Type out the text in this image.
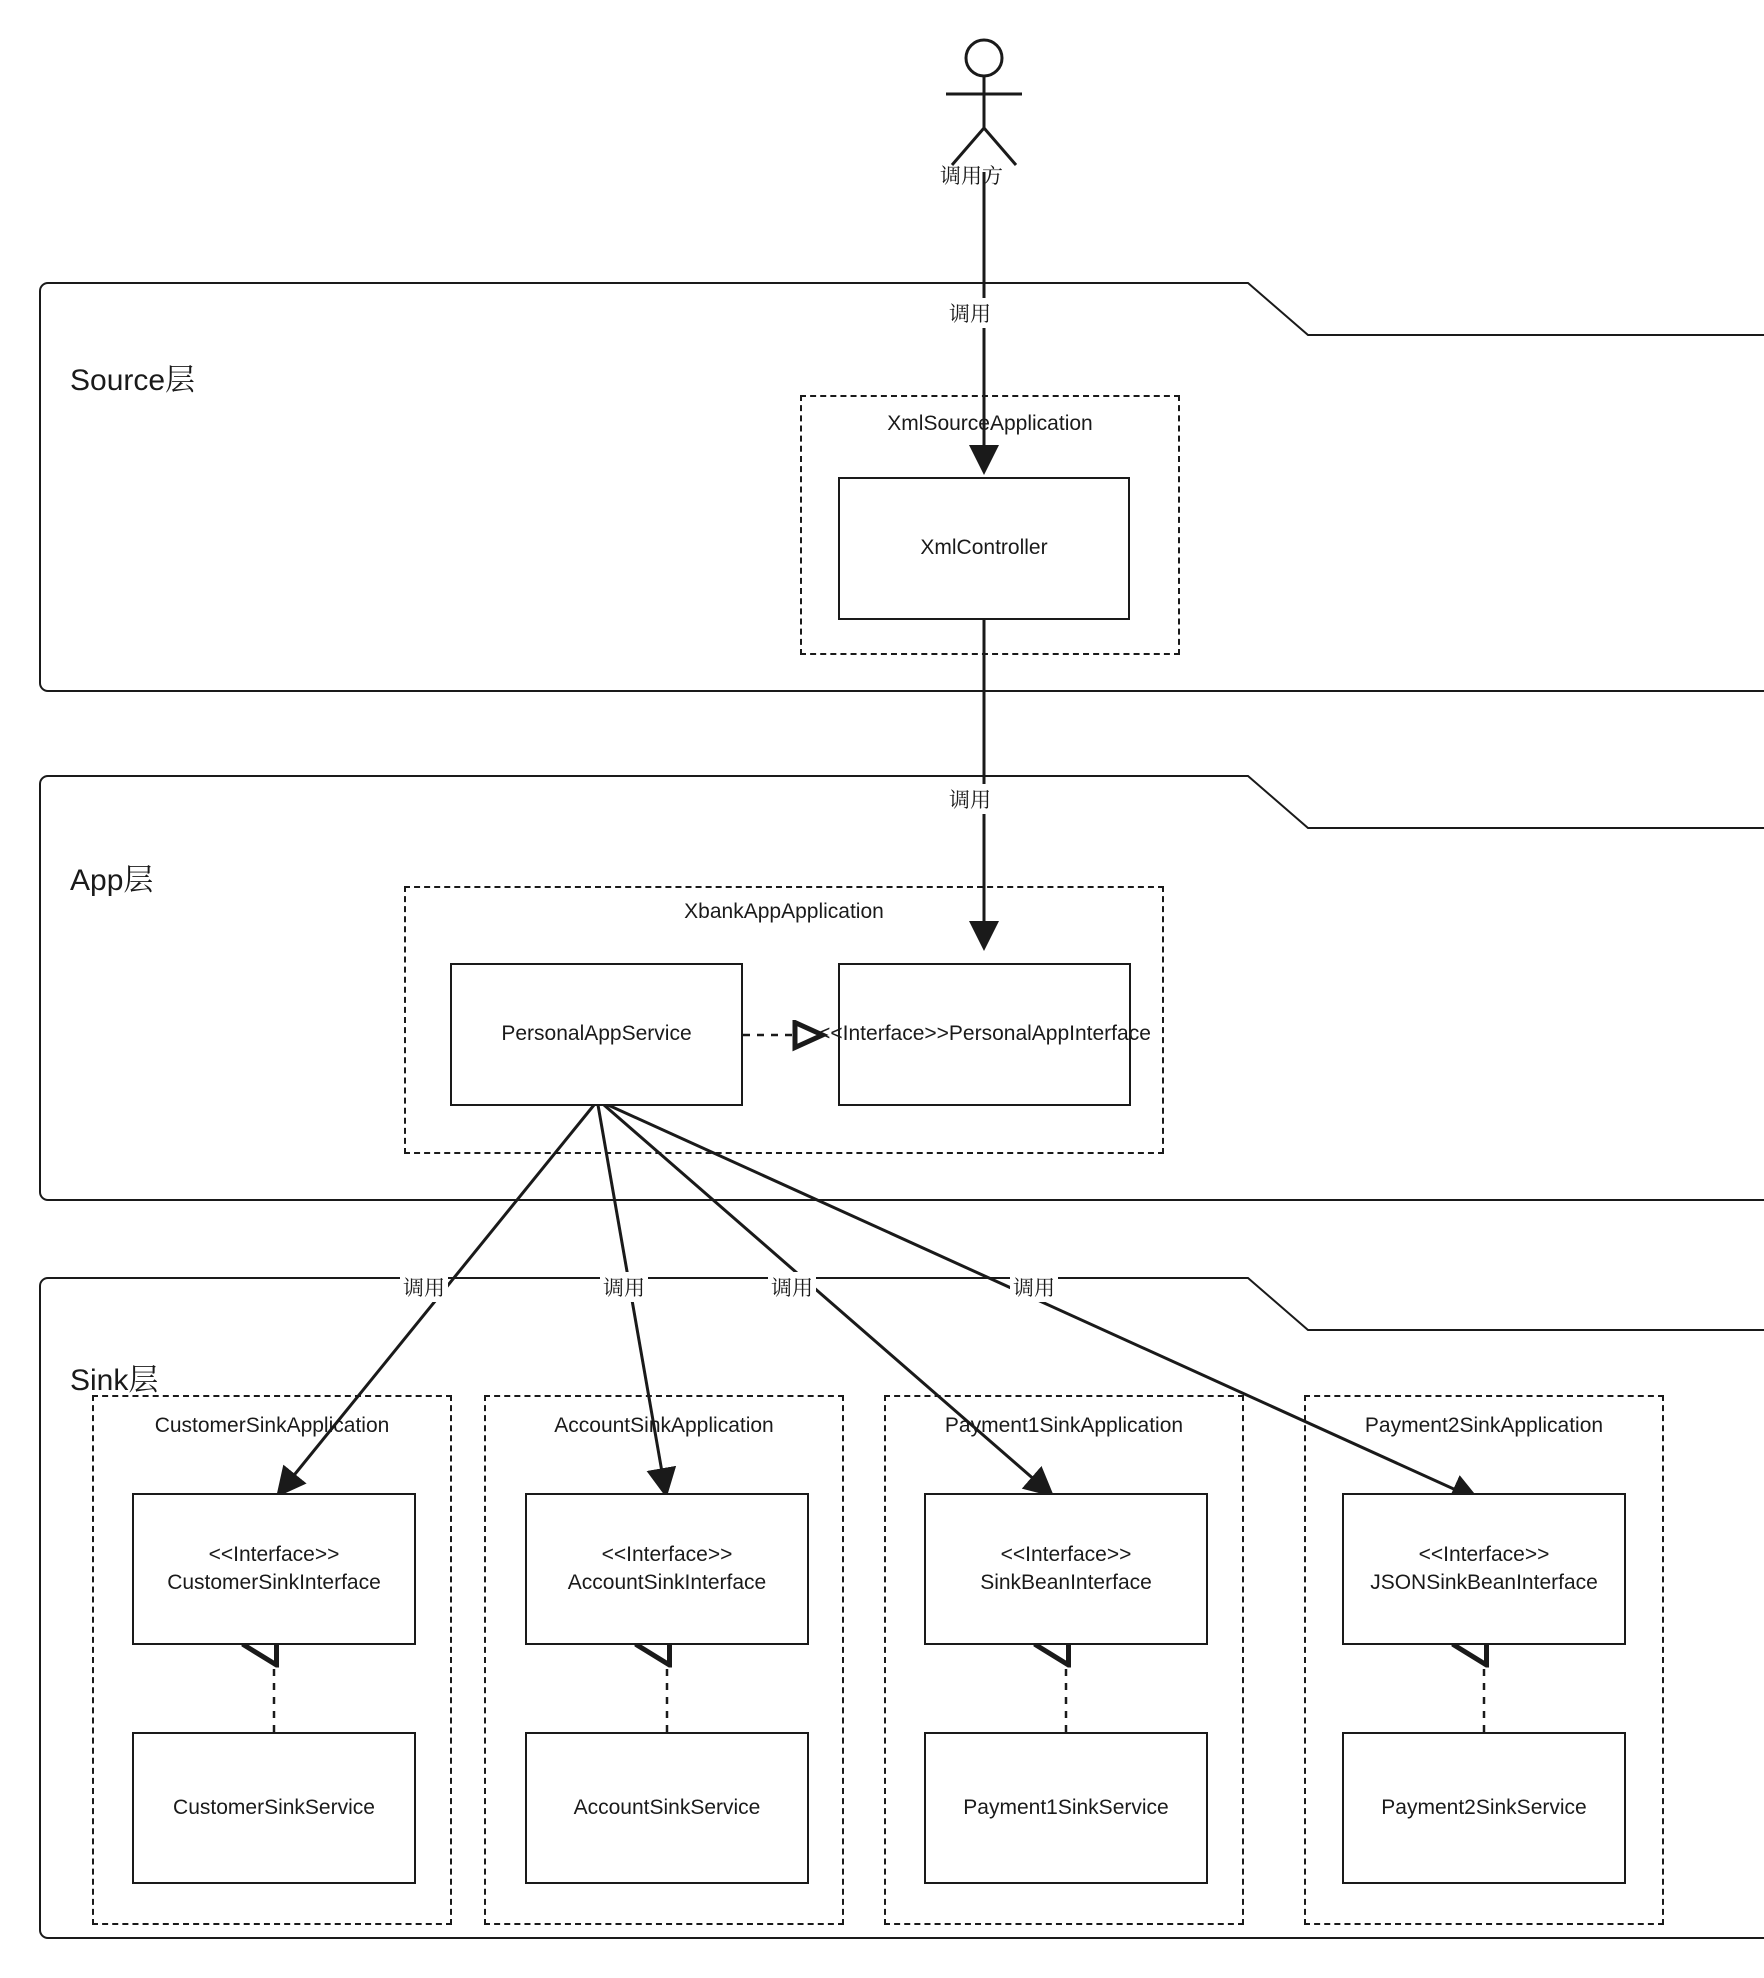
调用方
Source层
App层
Sink层
XmlSourceApplication
XbankAppApplication
CustomerSinkApplication	AccountSinkApplication	Payment1SinkApplication	Payment2SinkApplication
XmlController
PersonalAppService	<<Interface>>PersonalAppInterface
<<Interface>> CustomerSinkInterface
CustomerSinkService
<<Interface>> AccountSinkInterface
AccountSinkService
<<Interface>> SinkBeanInterface
Payment1SinkService
<<Interface>> JSONSinkBeanInterface
Payment2SinkService
调用
调用
调用	调用	调用	调用
